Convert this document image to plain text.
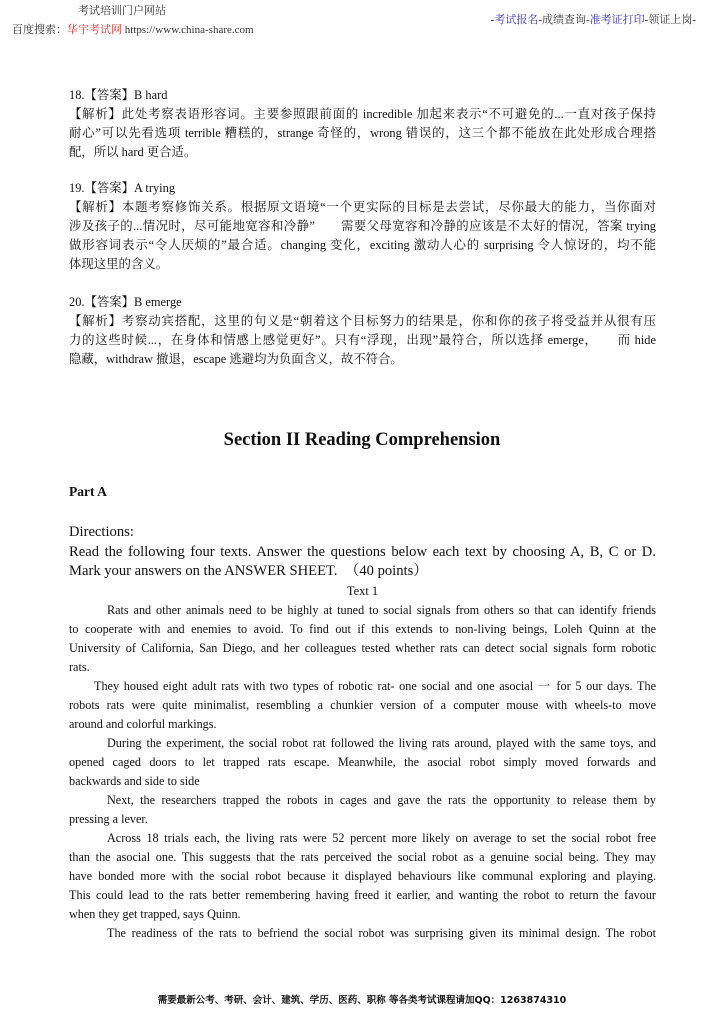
考试培训门户网站
百度搜索：华宇考试网 https://www.china-share.com
-考试报名-成绩查询-准考证打印-领证上岗-
18.【答案】B hard
【解析】此处考察表语形容词。主要参照跟前面的 incredible 加起来表示“不可避免的...一直对孩子保持
耐心”可以先看选项 terrible 糟糕的，strange 奇怪的，wrong 错误的，这三个都不能放在此处形成合理搭
配，所以 hard 更合适。
19.【答案】A trying
【解析】本题考察修饰关系。根据原文语境“一个更实际的目标是去尝试，尽你最大的能力，当你面对
涉及孩子的...情况时，尽可能地宽容和冷静”　　需要父母宽容和冷静的应该是不太好的情况，答案 trying
做形容词表示“令人厌烦的”最合适。changing 变化，exciting 激动人心的 surprising 令人惊讶的，均不能
体现这里的含义。
20.【答案】B emerge
【解析】考察动宾搭配，这里的句义是“朝着这个目标努力的结果是，你和你的孩子将受益并从很有压
力的这些时候...，在身体和情感上感觉更好”。只有“浮现，出现”最符合，所以选择 emerge，　　而 hide
隐藏，withdraw 撤退，escape 逃避均为负面含义，故不符合。
Section II Reading Comprehension
Part A
Directions:
Read the following four texts. Answer the questions below each text by choosing A, B, C or D.
Mark your answers on the ANSWER SHEET.　（40 points）
Text 1
Rats and other animals need to be highly at tuned to social signals from others so that can identify friends
to cooperate with and enemies to avoid. To find out if this extends to non-living beings, Loleh Quinn at the
University of California, San Diego, and her colleagues tested whether rats can detect social signals form robotic
rats.
They housed eight adult rats with two types of robotic rat- one social and one asocial 一 for 5 our days. The
robots rats were quite minimalist, resembling a chunkier version of a computer mouse with wheels-to move
around and colorful markings.
During the experiment, the social robot rat followed the living rats around, played with the same toys, and
opened caged doors to let trapped rats escape. Meanwhile, the asocial robot simply moved forwards and
backwards and side to side
Next, the researchers trapped the robots in cages and gave the rats the opportunity to release them by
pressing a lever.
Across 18 trials each, the living rats were 52 percent more likely on average to set the social robot free
than the asocial one. This suggests that the rats perceived the social robot as a genuine social being. They may
have bonded more with the social robot because it displayed behaviours like communal exploring and playing.
This could lead to the rats better remembering having freed it earlier, and wanting the robot to return the favour
when they get trapped, says Quinn.
The readiness of the rats to befriend the social robot was surprising given its minimal design. The robot
需要最新公考、考研、会计、建筑、学历、医药、职称 等各类考试课程请加QQ：1263874310
